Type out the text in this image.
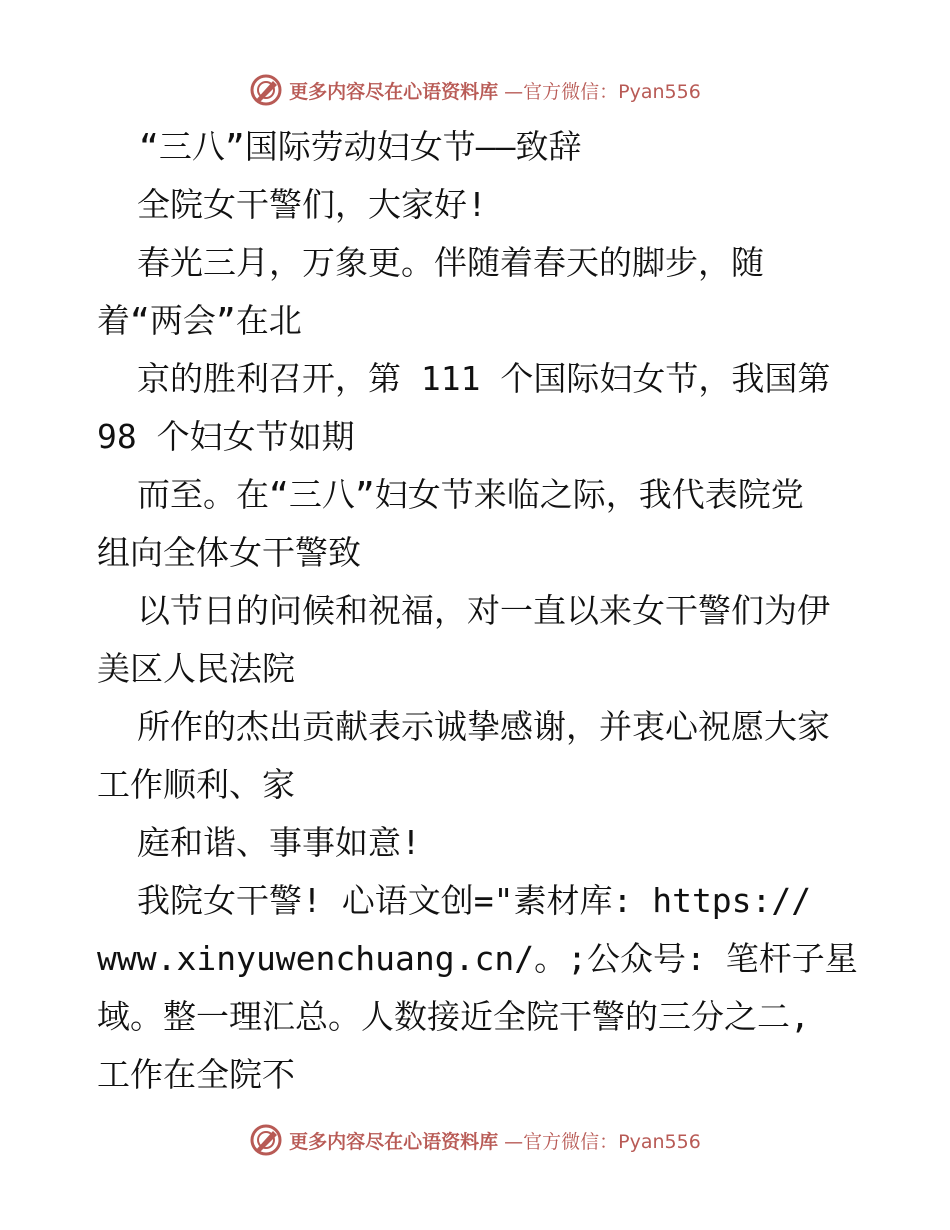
更多内容尽在心语资料库 —官方微信：Pyan556
“三八”国际劳动妇女节——致辞
全院女干警们，大家好!
春光三月，万象更。伴随着春天的脚步，随
着“两会”在北
京的胜利召开，第 111 个国际妇女节，我国第
98 个妇女节如期
而至。在“三八”妇女节来临之际，我代表院党
组向全体女干警致
以节日的问候和祝福，对一直以来女干警们为伊
美区人民法院
所作的杰出贡献表示诚挚感谢，并衷心祝愿大家
工作顺利、家
庭和谐、事事如意!
我院女干警! 心语文创="素材库: https://
www.xinyuwenchuang.cn/。;公众号: 笔杆子星
域。整一理汇总。人数接近全院干警的三分之二,
工作在全院不
更多内容尽在心语资料库 —官方微信：Pyan556
